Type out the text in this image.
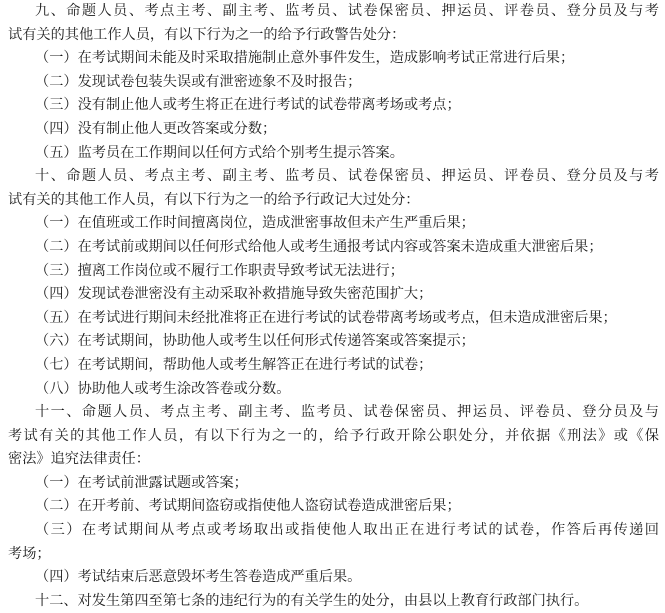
九、命题人员、考点主考、副主考、监考员、试卷保密员、押运员、评卷员、登分员及与考
试有关的其他工作人员，有以下行为之一的给予行政警告处分：
（一）在考试期间未能及时采取措施制止意外事件发生，造成影响考试正常进行后果；
（二）发现试卷包装失误或有泄密迹象不及时报告；
（三）没有制止他人或考生将正在进行考试的试卷带离考场或考点；
（四）没有制止他人更改答案或分数；
（五）监考员在工作期间以任何方式给个别考生提示答案。
十、命题人员、考点主考、副主考、监考员、试卷保密员、押运员、评卷员、登分员及与考
试有关的其他工作人员，有以下行为之一的给予行政记大过处分：
（一）在值班或工作时间擅离岗位，造成泄密事故但未产生严重后果；
（二）在考试前或期间以任何形式给他人或考生通报考试内容或答案未造成重大泄密后果；
（三）擅离工作岗位或不履行工作职责导致考试无法进行；
（四）发现试卷泄密没有主动采取补救措施导致失密范围扩大；
（五）在考试进行期间未经批准将正在进行考试的试卷带离考场或考点，但未造成泄密后果；
（六）在考试期间，协助他人或考生以任何形式传递答案或答案提示；
（七）在考试期间，帮助他人或考生解答正在进行考试的试卷；
（八）协助他人或考生涂改答卷或分数。
十一、命题人员、考点主考、副主考、监考员、试卷保密员、押运员、评卷员、登分员及与
考试有关的其他工作人员，有以下行为之一的，给予行政开除公职处分，并依据《刑法》或《保
密法》追究法律责任：
（一）在考试前泄露试题或答案；
（二）在开考前、考试期间盗窃或指使他人盗窃试卷造成泄密后果；
（三）在考试期间从考点或考场取出或指使他人取出正在进行考试的试卷，作答后再传递回
考场；
（四）考试结束后恶意毁坏考生答卷造成严重后果。
十二、对发生第四至第七条的违纪行为的有关学生的处分，由县以上教育行政部门执行。
